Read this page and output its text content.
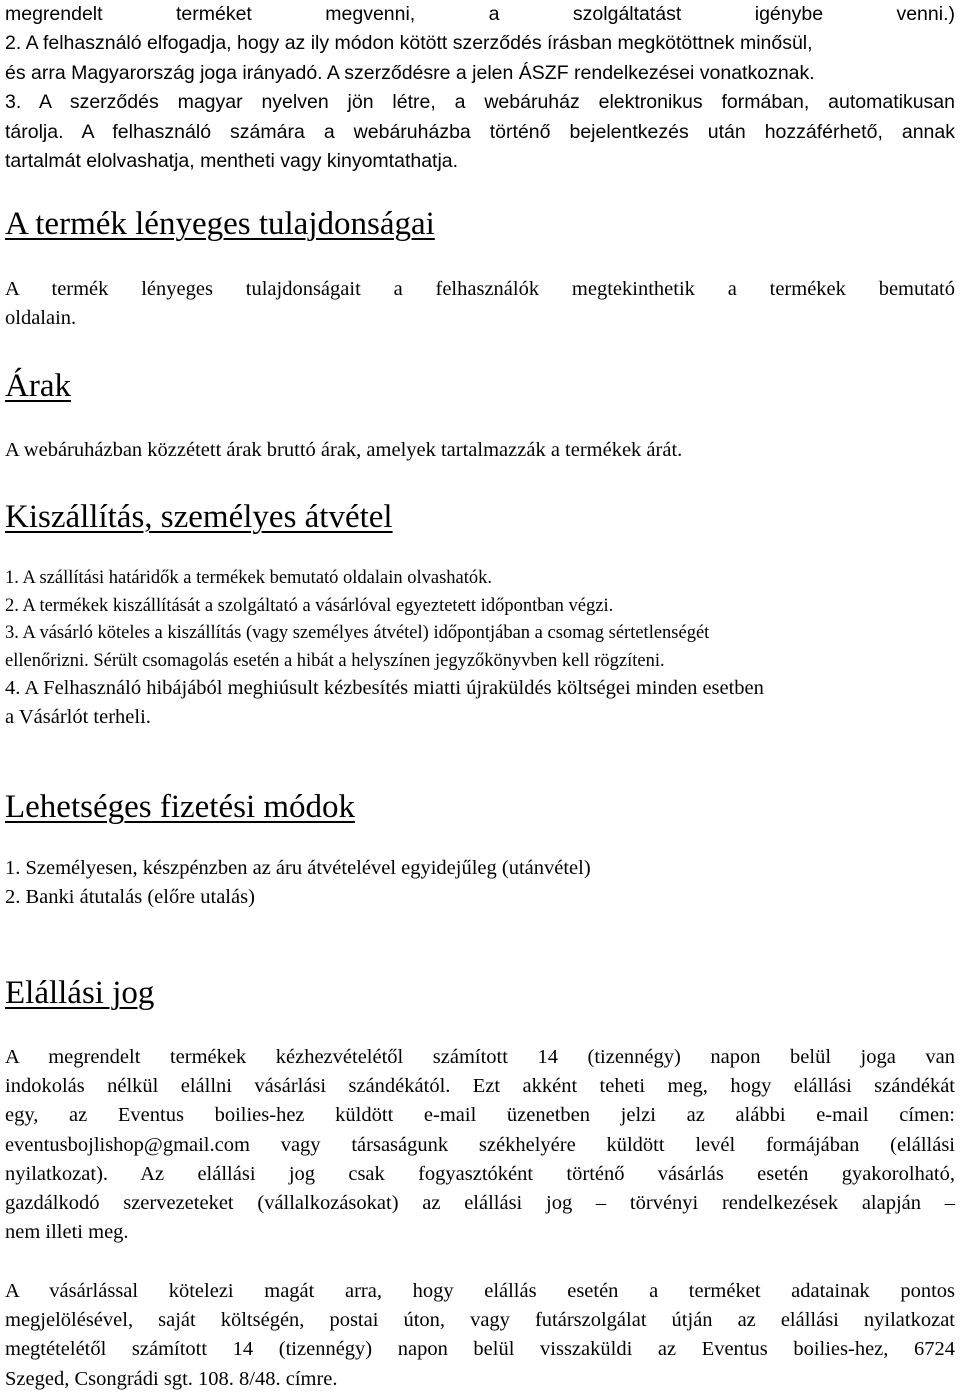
megrendelt terméket megvenni, a szolgáltatást igénybe venni.)
2. A felhasználó elfogadja, hogy az ily módon kötött szerződés írásban megkötöttnek minősül,
és arra Magyarország joga irányadó. A szerződésre a jelen ÁSZF rendelkezései vonatkoznak.
3. A szerződés magyar nyelven jön létre, a webáruház elektronikus formában, automatikusan
tárolja. A felhasználó számára a webáruházba történő bejelentkezés után hozzáférhető, annak
tartalmát elolvashatja, mentheti vagy kinyomtathatja.
A termék lényeges tulajdonságai
A termék lényeges tulajdonságait a felhasználók megtekinthetik a termékek bemutató
oldalain.
Árak
A webáruházban közzétett árak bruttó árak, amelyek tartalmazzák a termékek árát.
Kiszállítás, személyes átvétel
1. A szállítási határidők a termékek bemutató oldalain olvashatók.
2. A termékek kiszállítását a szolgáltató a vásárlóval egyeztetett időpontban végzi.
3. A vásárló köteles a kiszállítás (vagy személyes átvétel) időpontjában a csomag sértetlenségét
ellenőrizni. Sérült csomagolás esetén a hibát a helyszínen jegyzőkönyvben kell rögzíteni.
4. A Felhasználó hibájából meghiúsult kézbesítés miatti újraküldés költségei minden esetben
a Vásárlót terheli.
Lehetséges fizetési módok
1. Személyesen, készpénzben az áru átvételével egyidejűleg (utánvétel)
2. Banki átutalás (előre utalás)
Elállási jog
A megrendelt termékek kézhezvételétől számított 14 (tizennégy) napon belül joga van
indokolás nélkül elállni vásárlási szándékától. Ezt akként teheti meg, hogy elállási szándékát
egy, az Eventus boilies-hez küldött e-mail üzenetben jelzi az alábbi e-mail címen:
eventusbojlishop@gmail.com vagy társaságunk székhelyére küldött levél formájában (elállási
nyilatkozat). Az elállási jog csak fogyasztóként történő vásárlás esetén gyakorolható,
gazdálkodó szervezeteket (vállalkozásokat) az elállási jog – törvényi rendelkezések alapján –
nem illeti meg.
A vásárlással kötelezi magát arra, hogy elállás esetén a terméket adatainak pontos
megjelölésével, saját költségén, postai úton, vagy futárszolgálat útján az elállási nyilatkozat
megtételétől számított 14 (tizennégy) napon belül visszaküldi az Eventus boilies-hez, 6724
Szeged, Csongrádi sgt. 108. 8/48. címre.
